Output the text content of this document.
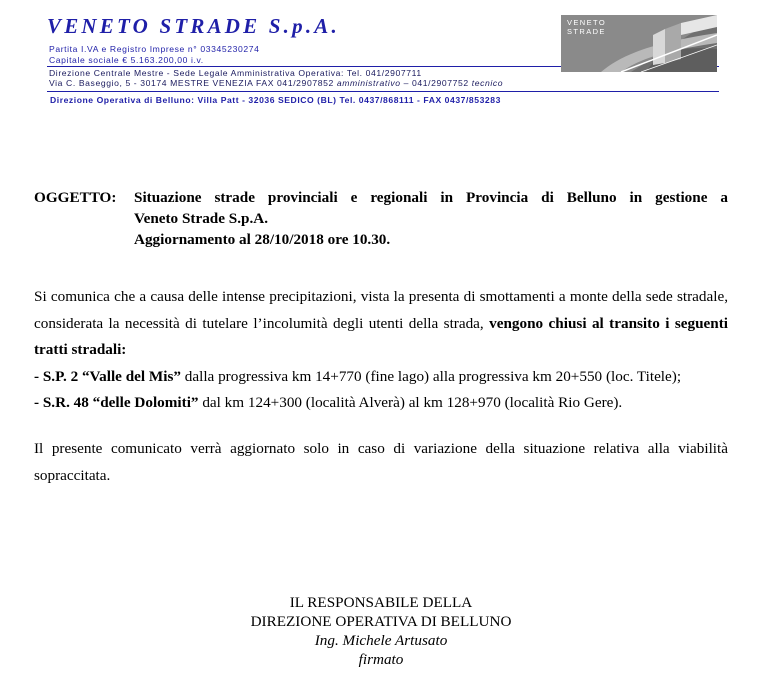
VENETO STRADE S.p.A.
Partita I.VA e Registro Imprese n° 03345230274
Capitale sociale € 5.163.200,00 i.v.
Direzione Centrale Mestre - Sede Legale Amministrativa Operativa: Tel. 041/2907711
Via C. Baseggio, 5 - 30174 MESTRE VENEZIA FAX 041/2907852 amministrativo – 041/2907752 tecnico
Direzione Operativa di Belluno: Villa Patt - 32036 SEDICO (BL) Tel. 0437/868111 - FAX 0437/853283
VENETO
STRADE
OGGETTO: Situazione strade provinciali e regionali in Provincia di Belluno in gestione a
Veneto Strade S.p.A.
Aggiornamento al 28/10/2018 ore 10.30.

Si comunica che a causa delle intense precipitazioni, vista la presenta di smottamenti a monte della sede stradale, considerata la necessità di tutelare l’incolumità degli utenti della strada, vengono chiusi al transito i seguenti tratti stradali:

- S.P. 2 “Valle del Mis” dalla progressiva km 14+770 (fine lago) alla progressiva km 20+550 (loc. Titele);

- S.R. 48 “delle Dolomiti” dal km 124+300 (località Alverà) al km 128+970 (località Rio Gere).

Il presente comunicato verrà aggiornato solo in caso di variazione della situazione relativa alla viabilità sopraccitata.

IL RESPONSABILE DELLA
DIREZIONE OPERATIVA DI BELLUNO
Ing. Michele Artusato
firmato
